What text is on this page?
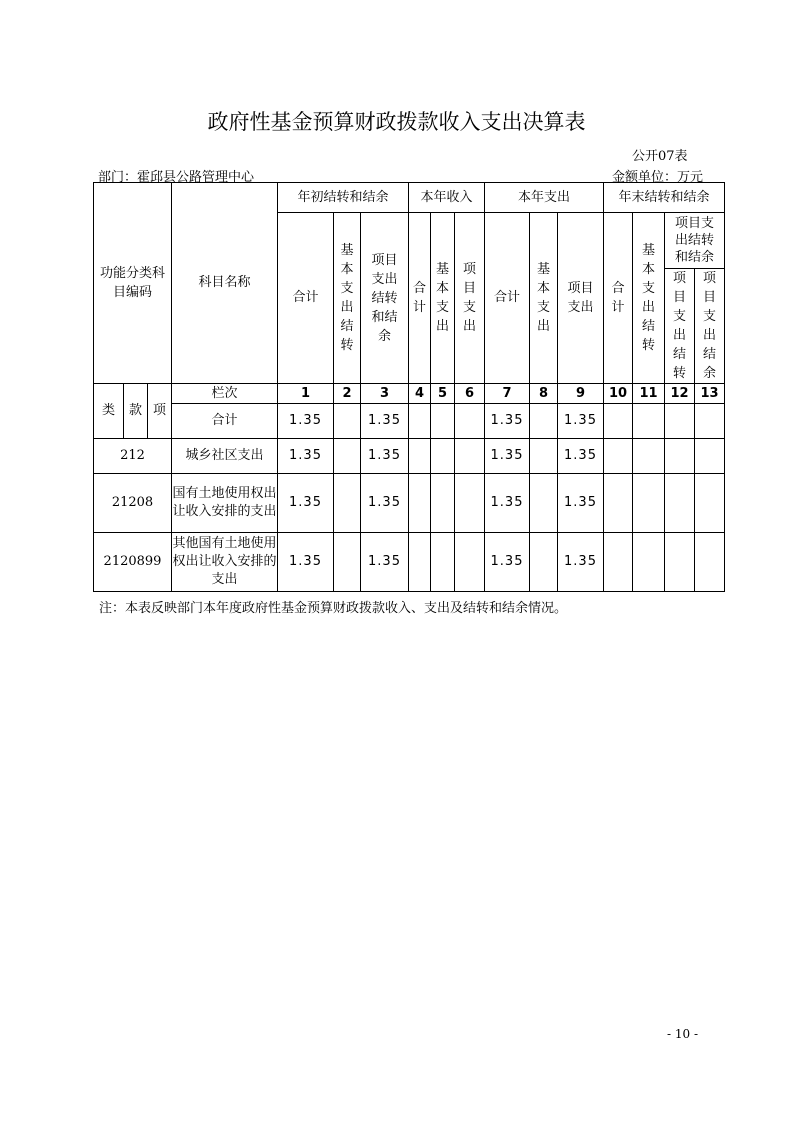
政府性基金预算财政拨款收入支出决算表
公开07表
部门：霍邱县公路管理中心	金额单位：万元
功能分类科目编码			科目名称	年初结转和结余			本年收入			本年支出			年末结转和结余			
				合计	基本支出结转	项目支出结转和结余	合计	基本支出	项目支出	合计	基本支出	项目支出	合计	基本支出结转	项目支出结转和结余	

															项目支出结转	项目支出结余

类	款	项	栏次	1	2	3	4	5	6	7	8	9	10	11	12	13
			合计	1.35		1.35				1.35		1.35				
212			城乡社区支出	1.35		1.35				1.35		1.35				
21208			国有土地使用权出让收入安排的支出	1.35		1.35				1.35		1.35				
2120899			其他国有土地使用权出让收入安排的支出	1.35		1.35				1.35		1.35				
注：本表反映部门本年度政府性基金预算财政拨款收入、支出及结转和结余情况。
- 10 -
